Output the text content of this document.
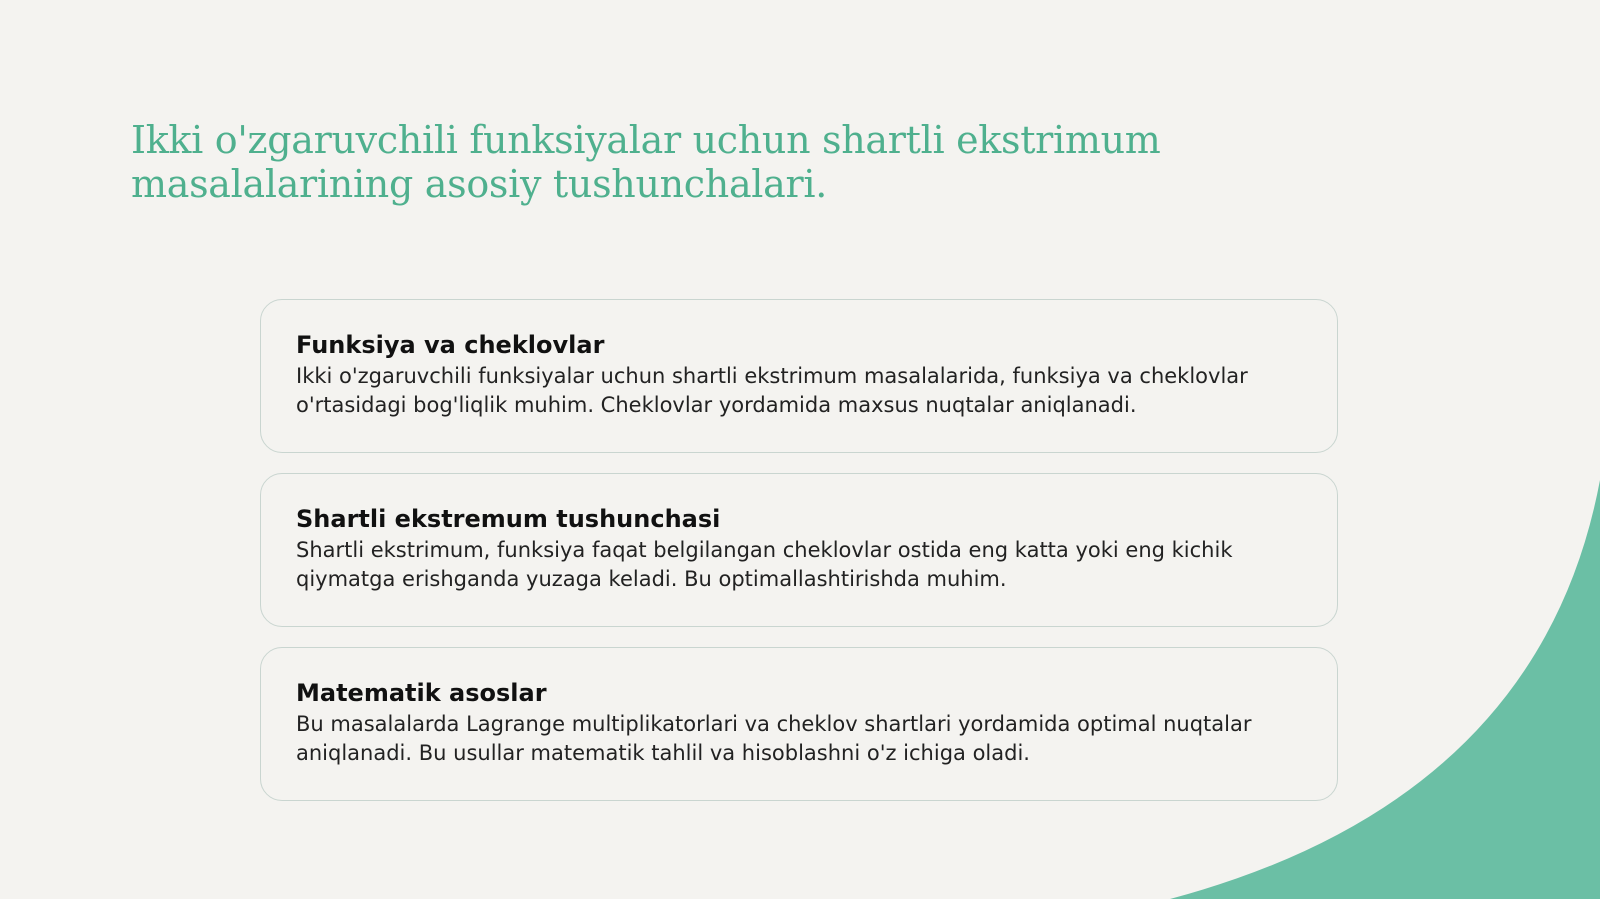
Ikki o'zgaruvchili funksiyalar uchun shartli ekstrimum masalalarining asosiy tushunchalari.
Funksiya va cheklovlar

Ikki o'zgaruvchili funksiyalar uchun shartli ekstrimum masalalarida, funksiya va cheklovlar o'rtasidagi bog'liqlik muhim. Cheklovlar yordamida maxsus nuqtalar aniqlanadi.

Shartli ekstremum tushunchasi

Shartli ekstrimum, funksiya faqat belgilangan cheklovlar ostida eng katta yoki eng kichik qiymatga erishganda yuzaga keladi. Bu optimallashtirishda muhim.

Matematik asoslar

Bu masalalarda Lagrange multiplikatorlari va cheklov shartlari yordamida optimal nuqtalar aniqlanadi. Bu usullar matematik tahlil va hisoblashni o'z ichiga oladi.
